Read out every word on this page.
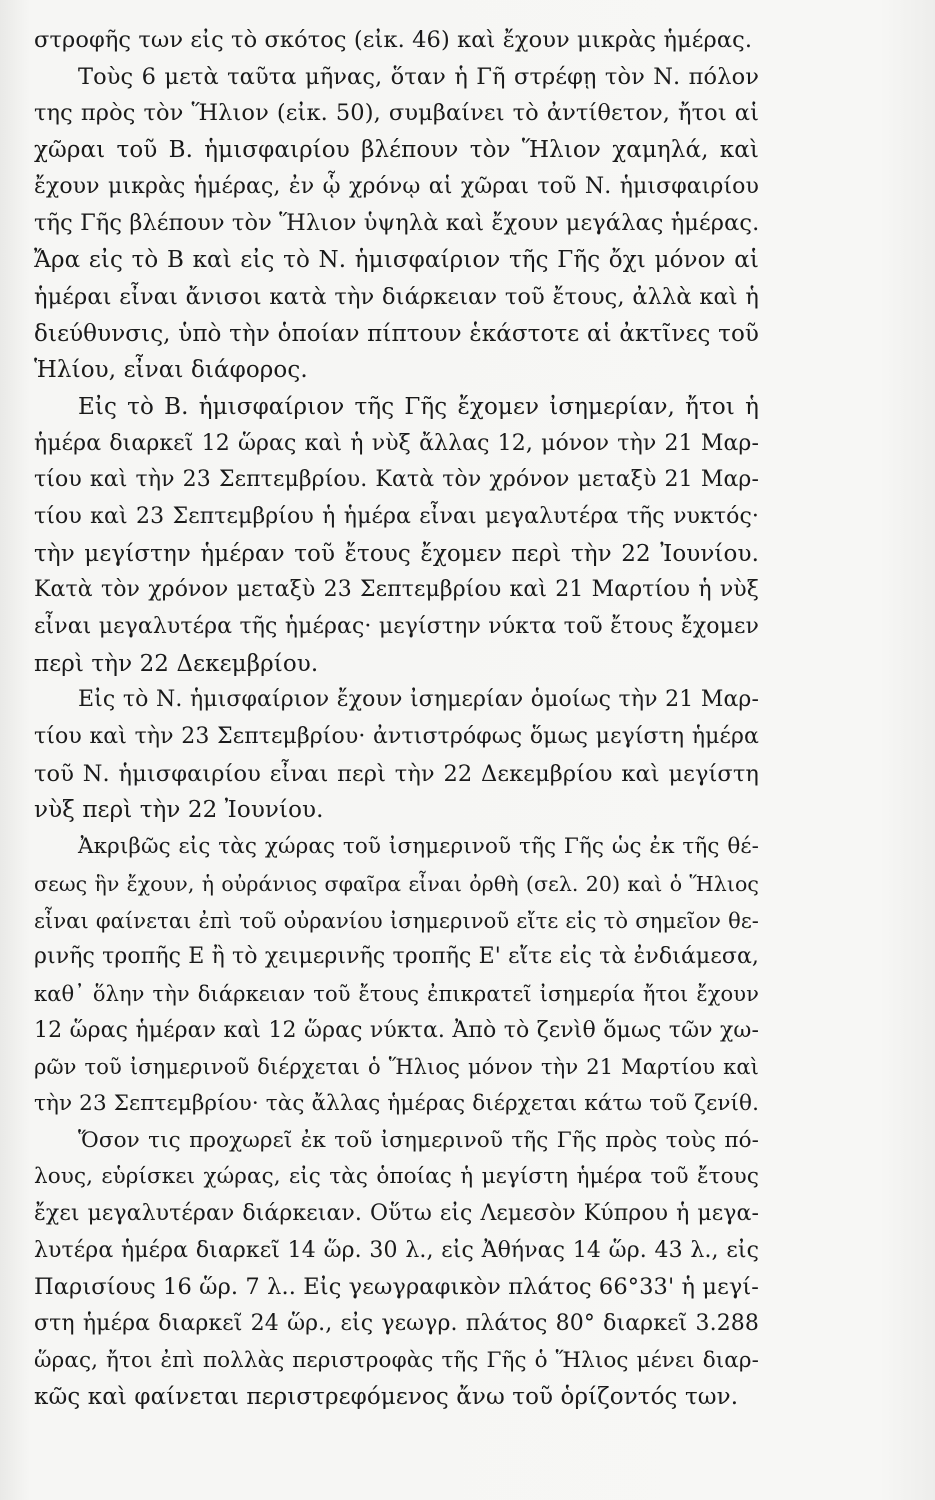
στροφῆς των εἰς τὸ σκότος (εἰκ. 46) καὶ ἔχουν μικρὰς ἡμέρας.
Τοὺς 6 μετὰ ταῦτα μῆνας, ὅταν ἡ Γῆ στρέφῃ τὸν Ν. πόλον
της πρὸς τὸν Ἥλιον (εἰκ. 50), συμβαίνει τὸ ἀντίθετον, ἤτοι αἱ
χῶραι τοῦ Β. ἡμισφαιρίου βλέπουν τὸν Ἥλιον χαμηλά, καὶ
ἔχουν μικρὰς ἡμέρας, ἐν ᾧ χρόνῳ αἱ χῶραι τοῦ Ν. ἡμισφαιρίου
τῆς Γῆς βλέπουν τὸν Ἥλιον ὑψηλὰ καὶ ἔχουν μεγάλας ἡμέρας.
Ἄρα εἰς τὸ Β καὶ εἰς τὸ Ν. ἡμισφαίριον τῆς Γῆς ὄχι μόνον αἱ
ἡμέραι εἶναι ἄνισοι κατὰ τὴν διάρκειαν τοῦ ἔτους, ἀλλὰ καὶ ἡ
διεύθυνσις, ὑπὸ τὴν ὁποίαν πίπτουν ἑκάστοτε αἱ ἀκτῖνες τοῦ
Ἡλίου, εἶναι διάφορος.
Εἰς τὸ Β. ἡμισφαίριον τῆς Γῆς ἔχομεν ἰσημερίαν, ἤτοι ἡ
ἡμέρα διαρκεῖ 12 ὥρας καὶ ἡ νὺξ ἄλλας 12, μόνον τὴν 21 Μαρ-
τίου καὶ τὴν 23 Σεπτεμβρίου. Κατὰ τὸν χρόνον μεταξὺ 21 Μαρ-
τίου καὶ 23 Σεπτεμβρίου ἡ ἡμέρα εἶναι μεγαλυτέρα τῆς νυκτός·
τὴν μεγίστην ἡμέραν τοῦ ἔτους ἔχομεν περὶ τὴν 22 Ἰουνίου.
Κατὰ τὸν χρόνον μεταξὺ 23 Σεπτεμβρίου καὶ 21 Μαρτίου ἡ νὺξ
εἶναι μεγαλυτέρα τῆς ἡμέρας· μεγίστην νύκτα τοῦ ἔτους ἔχομεν
περὶ τὴν 22 Δεκεμβρίου.
Εἰς τὸ Ν. ἡμισφαίριον ἔχουν ἰσημερίαν ὁμοίως τὴν 21 Μαρ-
τίου καὶ τὴν 23 Σεπτεμβρίου· ἀντιστρόφως ὅμως μεγίστη ἡμέρα
τοῦ Ν. ἡμισφαιρίου εἶναι περὶ τὴν 22 Δεκεμβρίου καὶ μεγίστη
νὺξ περὶ τὴν 22 Ἰουνίου.
Ἀκριβῶς εἰς τὰς χώρας τοῦ ἰσημερινοῦ τῆς Γῆς ὡς ἐκ τῆς θέ-
σεως ἣν ἔχουν, ἡ οὐράνιος σφαῖρα εἶναι ὀρθὴ (σελ. 20) καὶ ὁ Ἥλιος
εἶναι φαίνεται ἐπὶ τοῦ οὐρανίου ἰσημερινοῦ εἴτε εἰς τὸ σημεῖον θε-
ρινῆς τροπῆς Ε ἢ τὸ χειμερινῆς τροπῆς Ε' εἴτε εἰς τὰ ἐνδιάμεσα,
καθ᾽ ὅλην τὴν διάρκειαν τοῦ ἔτους ἐπικρατεῖ ἰσημερία ἤτοι ἔχουν
12 ὥρας ἡμέραν καὶ 12 ὥρας νύκτα. Ἀπὸ τὸ ζενὶθ ὅμως τῶν χω-
ρῶν τοῦ ἰσημερινοῦ διέρχεται ὁ Ἥλιος μόνον τὴν 21 Μαρτίου καὶ
τὴν 23 Σεπτεμβρίου· τὰς ἄλλας ἡμέρας διέρχεται κάτω τοῦ ζενίθ.
Ὅσον τις προχωρεῖ ἐκ τοῦ ἰσημερινοῦ τῆς Γῆς πρὸς τοὺς πό-
λους, εὑρίσκει χώρας, εἰς τὰς ὁποίας ἡ μεγίστη ἡμέρα τοῦ ἔτους
ἔχει μεγαλυτέραν διάρκειαν. Οὕτω εἰς Λεμεσὸν Κύπρου ἡ μεγα-
λυτέρα ἡμέρα διαρκεῖ 14 ὥρ. 30 λ., εἰς Ἀθήνας 14 ὥρ. 43 λ., εἰς
Παρισίους 16 ὥρ. 7 λ.. Εἰς γεωγραφικὸν πλάτος 66°33' ἡ μεγί-
στη ἡμέρα διαρκεῖ 24 ὥρ., εἰς γεωγρ. πλάτος 80° διαρκεῖ 3.288
ὥρας, ἤτοι ἐπὶ πολλὰς περιστροφὰς τῆς Γῆς ὁ Ἥλιος μένει διαρ-
κῶς καὶ φαίνεται περιστρεφόμενος ἄνω τοῦ ὁρίζοντός των.
